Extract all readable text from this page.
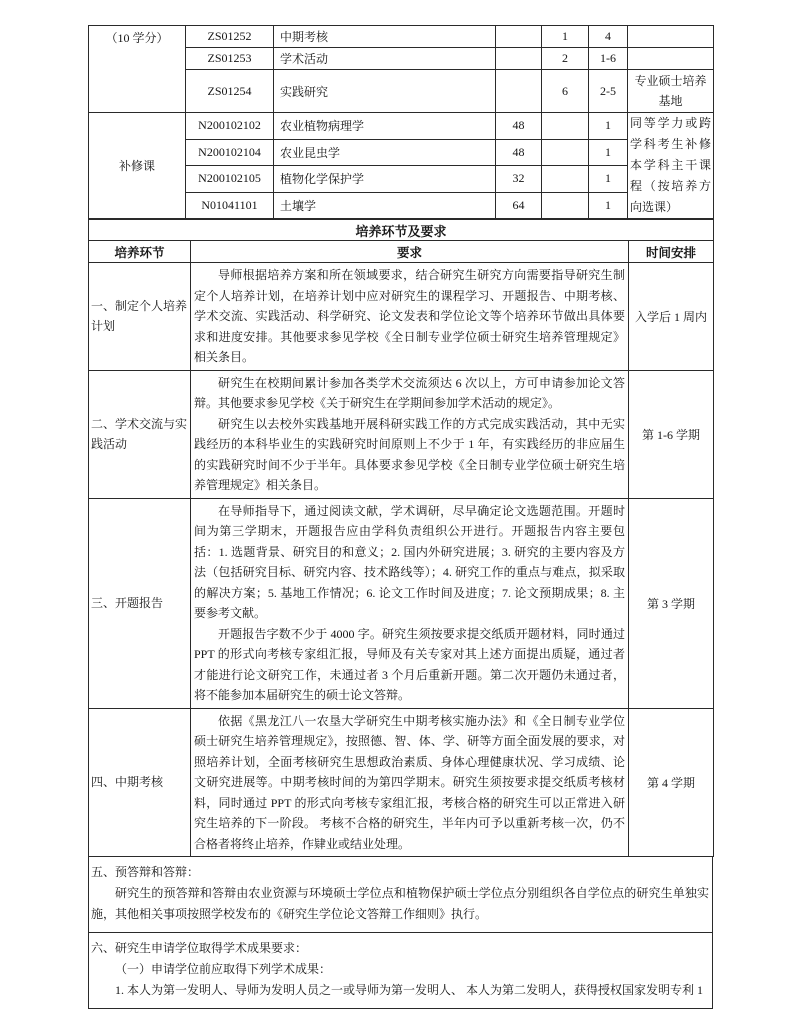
（10 学分）	ZS01252	中期考核		1	4	
	ZS01253	学术活动		2	1-6	
	ZS01254	实践研究		6	2-5	专业硕士培养基地
补修课	N200102102	农业植物病理学	48		1	同等学力或跨学科考生补修本学科主干课程（按培养方向选课）
	N200102104	农业昆虫学	48		1	
	N200102105	植物化学保护学	32		1	
	N01041101	土壤学	64		1	
培养环节及要求		
培养环节	要求	时间安排
一、制定个人培养计划	导师根据培养方案和所在领域要求，结合研究生研究方向需要指导研究生制定个人培养计划，在培养计划中应对研究生的课程学习、开题报告、中期考核、学术交流、实践活动、科学研究、论文发表和学位论文等个培养环节做出具体要求和进度安排。其他要求参见学校《全日制专业学位硕士研究生培养管理规定》相关条目。	入学后 1 周内
二、学术交流与实践活动	研究生在校期间累计参加各类学术交流须达 6 次以上，方可申请参加论文答辩。其他要求参见学校《关于研究生在学期间参加学术活动的规定》。

研究生以去校外实践基地开展科研实践工作的方式完成实践活动，其中无实践经历的本科毕业生的实践研究时间原则上不少于 1 年，有实践经历的非应届生的实践研究时间不少于半年。具体要求参见学校《全日制专业学位硕士研究生培养管理规定》相关条目。	第 1-6 学期
三、开题报告	在导师指导下，通过阅读文献，学术调研，尽早确定论文选题范围。开题时间为第三学期末，开题报告应由学科负责组织公开进行。开题报告内容主要包括：1. 选题背景、研究目的和意义；2. 国内外研究进展；3. 研究的主要内容及方法（包括研究目标、研究内容、技术路线等）；4. 研究工作的重点与难点，拟采取的解决方案；5. 基地工作情况；6. 论文工作时间及进度；7. 论文预期成果；8. 主要参考文献。

开题报告字数不少于 4000 字。研究生须按要求提交纸质开题材料，同时通过 PPT 的形式向考核专家组汇报，导师及有关专家对其上述方面提出质疑，通过者才能进行论文研究工作，未通过者 3 个月后重新开题。第二次开题仍未通过者，将不能参加本届研究生的硕士论文答辩。	第 3 学期
四、中期考核	依据《黑龙江八一农垦大学研究生中期考核实施办法》和《全日制专业学位硕士研究生培养管理规定》，按照德、智、体、学、研等方面全面发展的要求，对照培养计划，全面考核研究生思想政治素质、身体心理健康状况、学习成绩、论文研究进展等。中期考核时间的为第四学期末。研究生须按要求提交纸质考核材料，同时通过 PPT 的形式向考核专家组汇报，考核合格的研究生可以正常进入研究生培养的下一阶段。 考核不合格的研究生，半年内可予以重新考核一次，仍不合格者将终止培养，作肄业或结业处理。	第 4 学期

五、预答辩和答辩：

研究生的预答辩和答辩由农业资源与环境硕士学位点和植物保护硕士学位点分别组织各自学位点的研究生单独实施，其他相关事项按照学校发布的《研究生学位论文答辩工作细则》执行。

六、研究生申请学位取得学术成果要求：

（一）申请学位前应取得下列学术成果：

1. 本人为第一发明人、导师为发明人员之一或导师为第一发明人、 本人为第二发明人，获得授权国家发明专利 1
